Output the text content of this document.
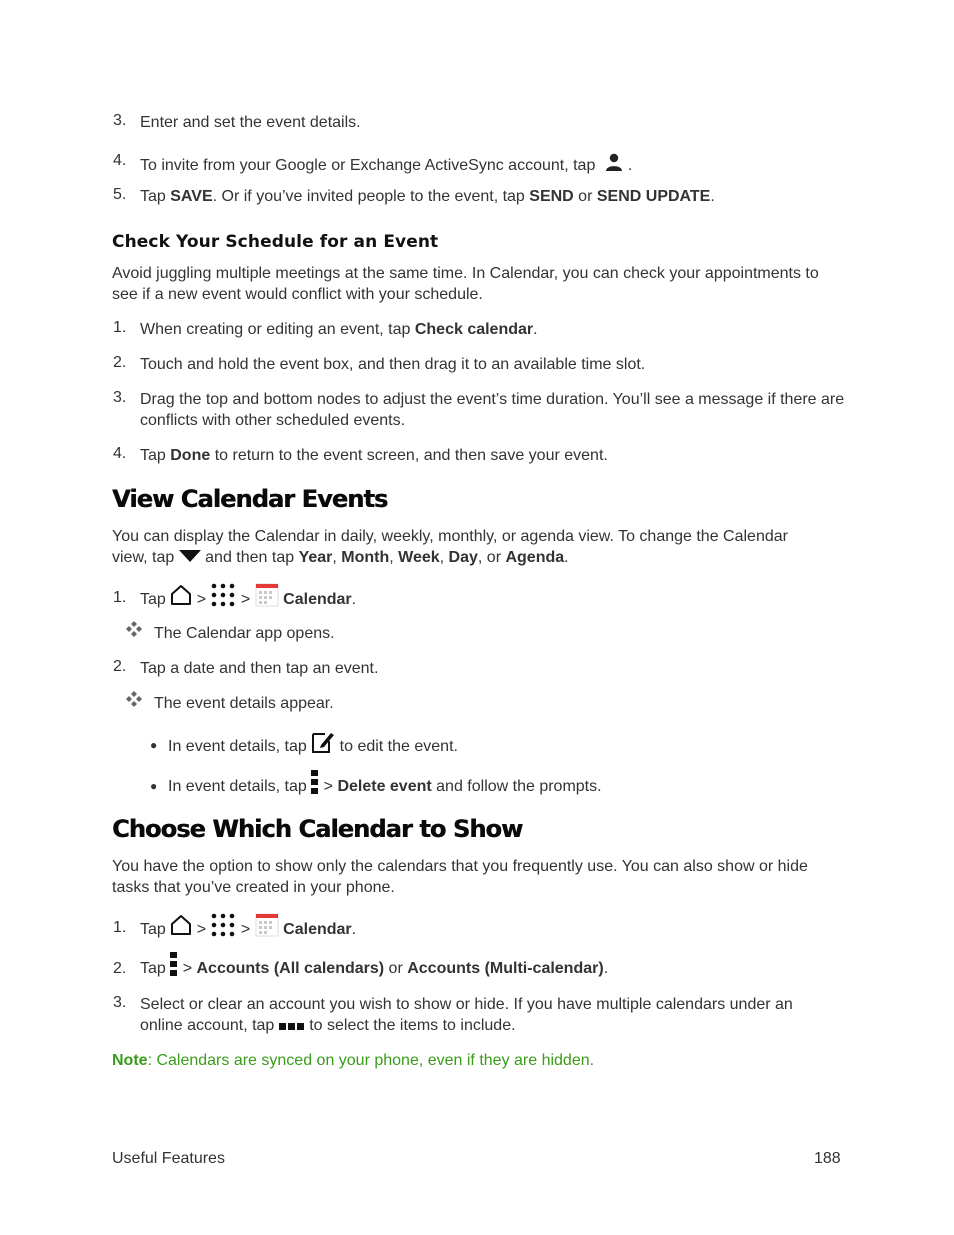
3. Enter and set the event details.
4. To invite from your Google or Exchange ActiveSync account, tap .
5. Tap SAVE. Or if you’ve invited people to the event, tap SEND or SEND UPDATE.
Check Your Schedule for an Event
Avoid juggling multiple meetings at the same time. In Calendar, you can check your appointments to see if a new event would conflict with your schedule.
1. When creating or editing an event, tap Check calendar.
2. Touch and hold the event box, and then drag it to an available time slot.
3. Drag the top and bottom nodes to adjust the event’s time duration. You’ll see a message if there are conflicts with other scheduled events.
4. Tap Done to return to the event screen, and then save your event.
View Calendar Events
You can display the Calendar in daily, weekly, monthly, or agenda view. To change the Calendar
view, tap  and then tap Year, Month, Week, Day, or Agenda.
1. Tap  >  >  Calendar.
The Calendar app opens.
2. Tap a date and then tap an event.
The event details appear.
● In event details, tap  to edit the event.
● In event details, tap  > Delete event and follow the prompts.
Choose Which Calendar to Show
You have the option to show only the calendars that you frequently use. You can also show or hide tasks that you’ve created in your phone.
1. Tap  >  >  Calendar.
2. Tap  > Accounts (All calendars) or Accounts (Multi-calendar).
3. Select or clear an account you wish to show or hide. If you have multiple calendars under an
online account, tap  to select the items to include.
Note: Calendars are synced on your phone, even if they are hidden.
Useful Features	188
